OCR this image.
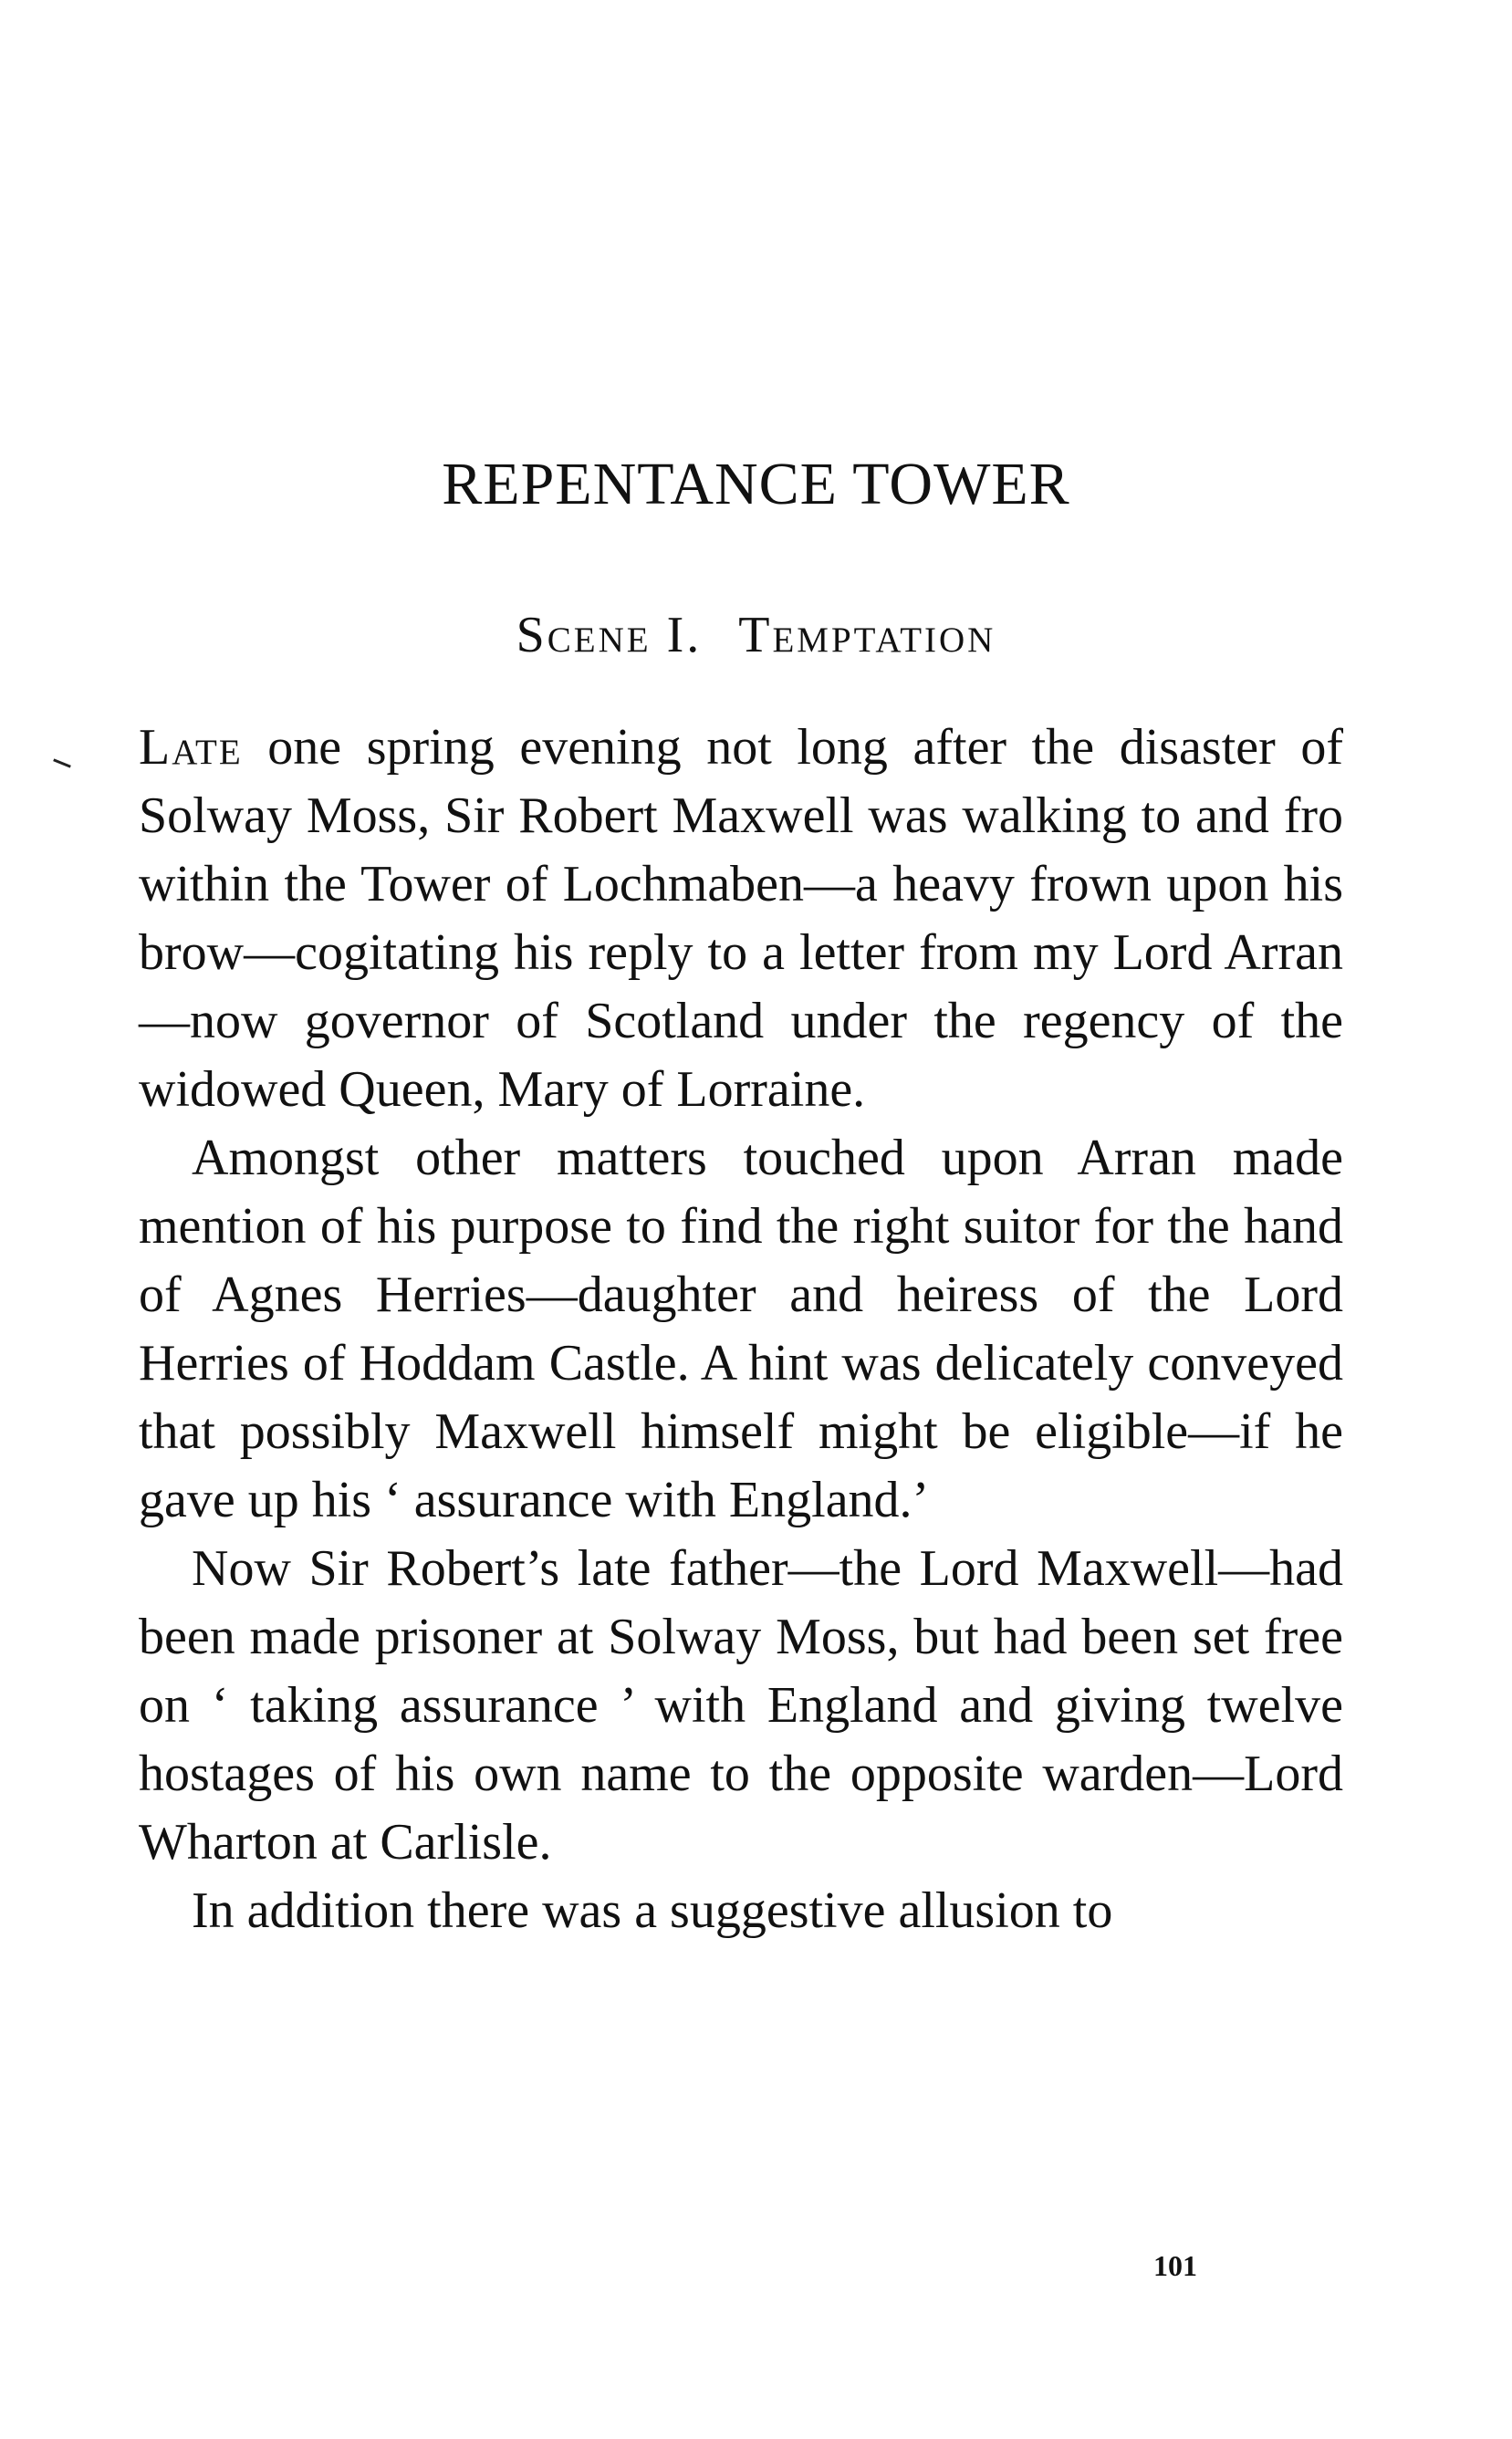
REPENTANCE TOWER
Scene I. Temptation

Late one spring evening not long after the disaster of Solway Moss, Sir Robert Maxwell was walking to and fro within the Tower of Lochmaben—a heavy frown upon his brow—cogitating his reply to a letter from my Lord Arran —now governor of Scotland under the regency of the widowed Queen, Mary of Lorraine.

Amongst other matters touched upon Arran made mention of his purpose to find the right suitor for the hand of Agnes Herries—daughter and heiress of the Lord Herries of Hoddam Castle. A hint was delicately conveyed that possibly Maxwell himself might be eligible—if he gave up his ‘ assurance with England.’

Now Sir Robert’s late father—the Lord Maxwell—had been made prisoner at Solway Moss, but had been set free on ‘ taking assurance ’ with England and giving twelve hostages of his own name to the opposite warden—Lord Wharton at Carlisle.

In addition there was a suggestive allusion to

101
